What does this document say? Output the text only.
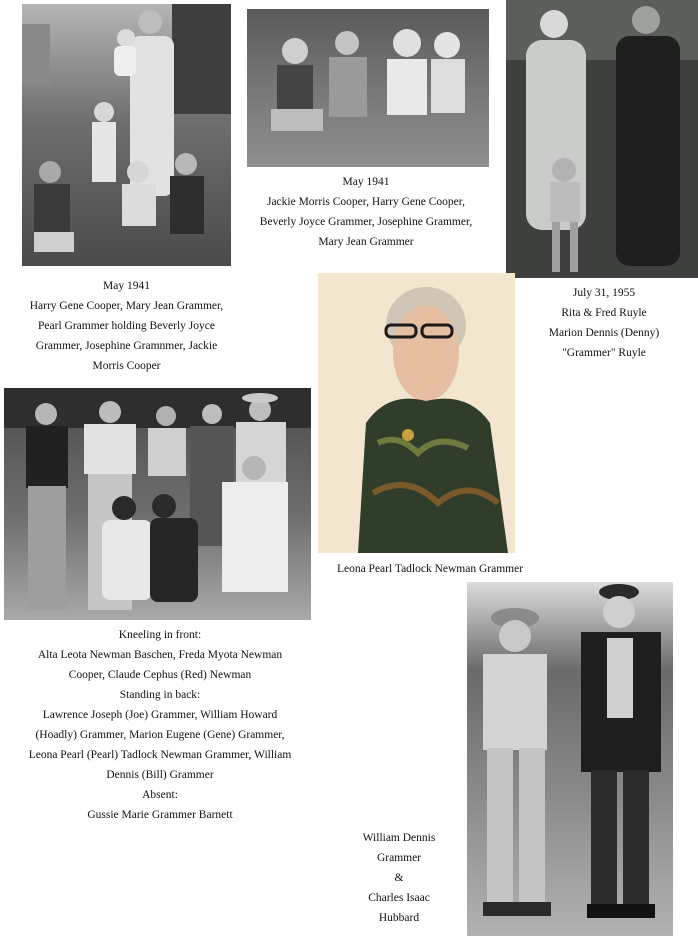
May 1941
Harry Gene Cooper, Mary Jean Grammer,
Pearl Grammer holding Beverly Joyce
Grammer, Josephine Gramnmer, Jackie
Morris Cooper
May 1941
Jackie Morris Cooper, Harry Gene Cooper,
Beverly Joyce Grammer, Josephine Grammer,
Mary Jean Grammer
July 31, 1955
Rita & Fred Ruyle
Marion Dennis (Denny)
"Grammer" Ruyle
Leona Pearl Tadlock Newman Grammer
Kneeling in front:
Alta Leota Newman Baschen, Freda Myota Newman
Cooper, Claude Cephus (Red) Newman
Standing in back:
Lawrence Joseph (Joe) Grammer, William Howard
(Hoadly) Grammer, Marion Eugene (Gene) Grammer,
Leona Pearl (Pearl) Tadlock Newman Grammer, William
Dennis (Bill) Grammer
Absent:
Gussie Marie Grammer Barnett
William Dennis
Grammer
&
Charles Isaac
Hubbard
